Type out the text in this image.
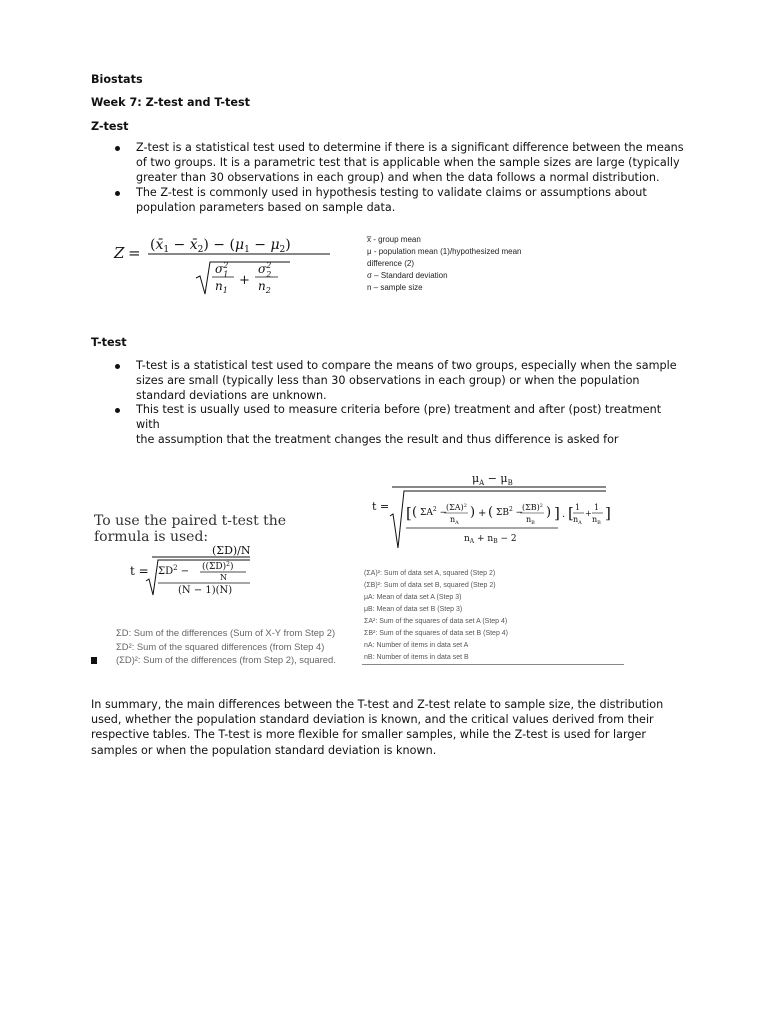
Biostats
Week 7: Z-test and T-test
Z-test
Z-test is a statistical test used to determine if there is a significant difference between the means
of two groups. It is a parametric test that is applicable when the sample sizes are large (typically
greater than 30 observations in each group) and when the data follows a normal distribution.
The Z-test is commonly used in hypothesis testing to validate claims or assumptions about
population parameters based on sample data.
$Z = (x̄_1$ − $x̄_2) - (\mu_1 - \mu_2)$
$\sigma^2$ 1
$n_1$
+
$\sigma^2$ 2
$n_2$
x̅ - group mean
μ - population mean (1)/hypothesized mean
difference (2)
σ – Standard deviation
n – sample size
T-test
T-test is a statistical test used to compare the means of two groups, especially when the sample
sizes are small (typically less than 30 observations in each group) or when the population
standard deviations are unknown.
This test is usually used to measure criteria before (pre) treatment and after (post) treatment
with
the assumption that the treatment changes the result and thus difference is asked for
To use the paired t-test the
formula is used:
t =
(ΣD)/N
$\Sigma D^2 - ((\Sigma D)^2)$
N
(N − 1)(N)
ΣD: Sum of the differences (Sum of X-Y from Step 2)
ΣD²: Sum of the squared differences (from Step 4)
(ΣD)²: Sum of the differences (from Step 2), squared.
t =
$\mu_A - \mu_B$
[ ( $\Sigma A^2$ −
$(\Sigma A)^2$
$n_A$
) + ( $\Sigma B^2$ −
$(\Sigma B)^2$
$n_B$
) ] · [ 1
$n_A$
+
1
$n_B$
]
$n_A + n_B - 2$
(ΣA)²: Sum of data set A, squared (Step 2)
(ΣB)²: Sum of data set B, squared (Step 2)
μA: Mean of data set A (Step 3)
μB: Mean of data set B (Step 3)
ΣA²: Sum of the squares of data set A (Step 4)
ΣB²: Sum of the squares of data set B (Step 4)
nA: Number of items in data set A
nB: Number of items in data set B
In summary, the main differences between the T-test and Z-test relate to sample size, the distribution
used, whether the population standard deviation is known, and the critical values derived from their
respective tables. The T-test is more flexible for smaller samples, while the Z-test is used for larger
samples or when the population standard deviation is known.
